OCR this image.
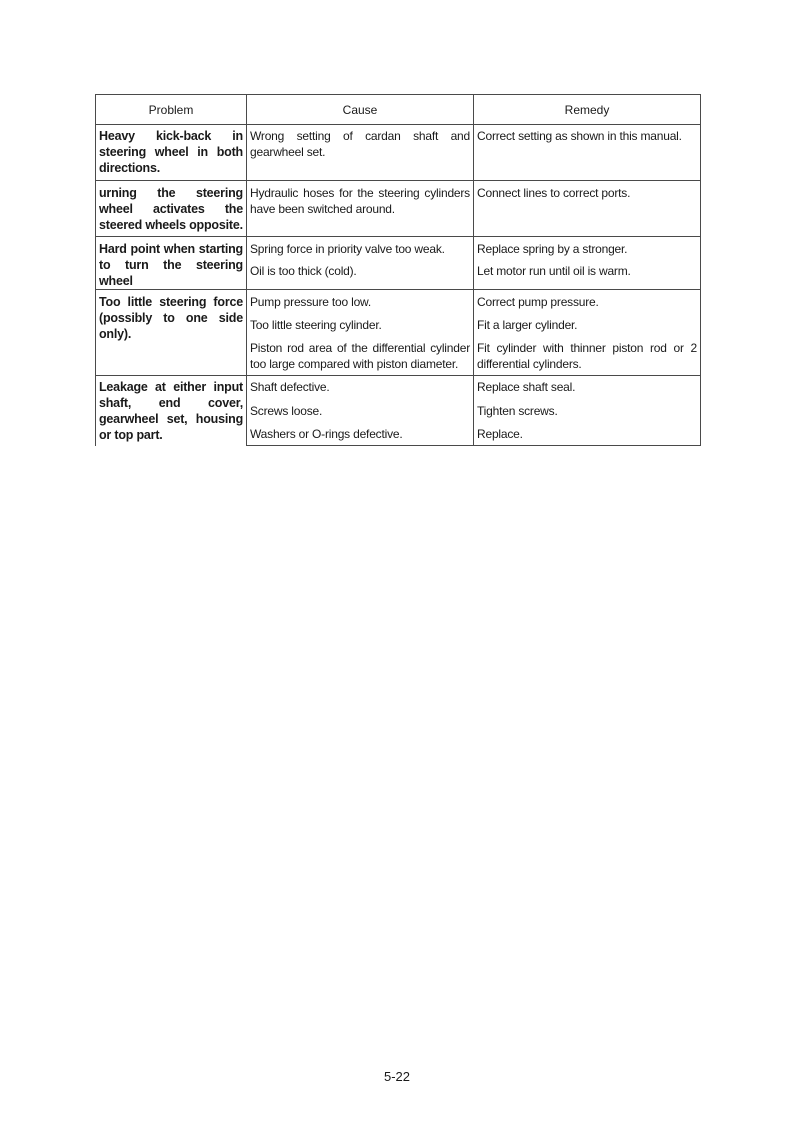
Problem	Cause	Remedy

Heavy kick-back in steering wheel in both directions.	Wrong setting of cardan shaft and gearwheel set.	Correct setting as shown in this manual.

urning the steering wheel activates the steered wheels opposite.	Hydraulic hoses for the steering cylinders have been switched around.	Connect lines to correct ports.

Hard point when starting to turn the steering wheel	Spring force in priority valve too weak.	Replace spring by a stronger.

	Oil is too thick (cold).	Let motor run until oil is warm.

Too little steering force (possibly to one side only).	Pump pressure too low.	Correct pump pressure.

	Too little steering cylinder.	Fit a larger cylinder.

	Piston rod area of the differential cylinder too large compared with piston diameter.	Fit cylinder with thinner piston rod or 2 differential cylinders.

Leakage at either input shaft, end cover, gearwheel set, housing or top part.	Shaft defective.	Replace shaft seal.

	Screws loose.	Tighten screws.

	Washers or O-rings defective.	Replace.
5-22
